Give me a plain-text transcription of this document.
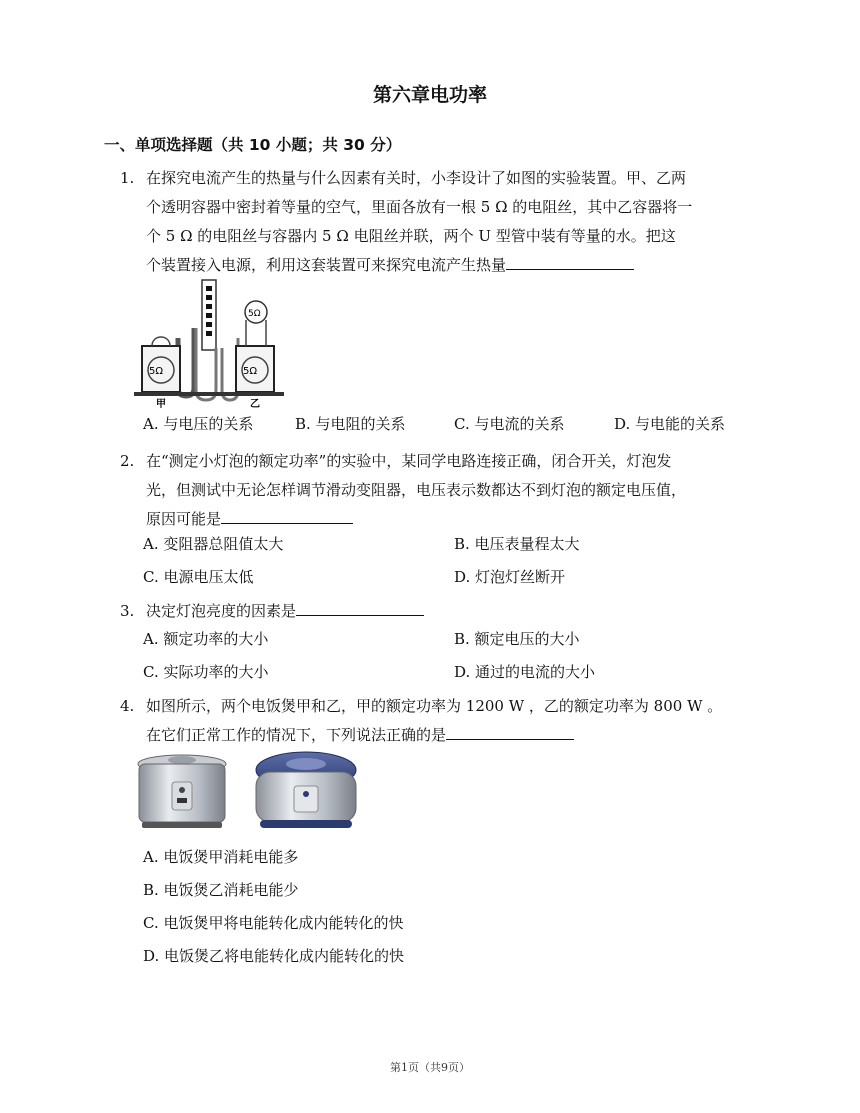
第六章电功率
一、单项选择题（共 10 小题；共 30 分）
1. 在探究电流产生的热量与什么因素有关时，小李设计了如图的实验装置。甲、乙两
个透明容器中密封着等量的空气，里面各放有一根 5 Ω 的电阻丝，其中乙容器将一
个 5 Ω 的电阻丝与容器内 5 Ω 电阻丝并联，两个 U 型管中装有等量的水。把这
个装置接入电源，利用这套装置可来探究电流产生热量
5Ω	5Ω
5Ω
甲	乙
A. 与电压的关系	B. 与电阻的关系	C. 与电流的关系	D. 与电能的关系
2. 在“测定小灯泡的额定功率”的实验中，某同学电路连接正确，闭合开关，灯泡发
光，但测试中无论怎样调节滑动变阻器，电压表示数都达不到灯泡的额定电压值，
原因可能是
A. 变阻器总阻值太大	B. 电压表量程太大
C. 电源电压太低	D. 灯泡灯丝断开
3. 决定灯泡亮度的因素是
A. 额定功率的大小	B. 额定电压的大小
C. 实际功率的大小	D. 通过的电流的大小
4. 如图所示，两个电饭煲甲和乙，甲的额定功率为 1200 W ，乙的额定功率为 800 W 。
在它们正常工作的情况下，下列说法正确的是
A. 电饭煲甲消耗电能多
B. 电饭煲乙消耗电能少
C. 电饭煲甲将电能转化成内能转化的快
D. 电饭煲乙将电能转化成内能转化的快
第1页（共9页）
